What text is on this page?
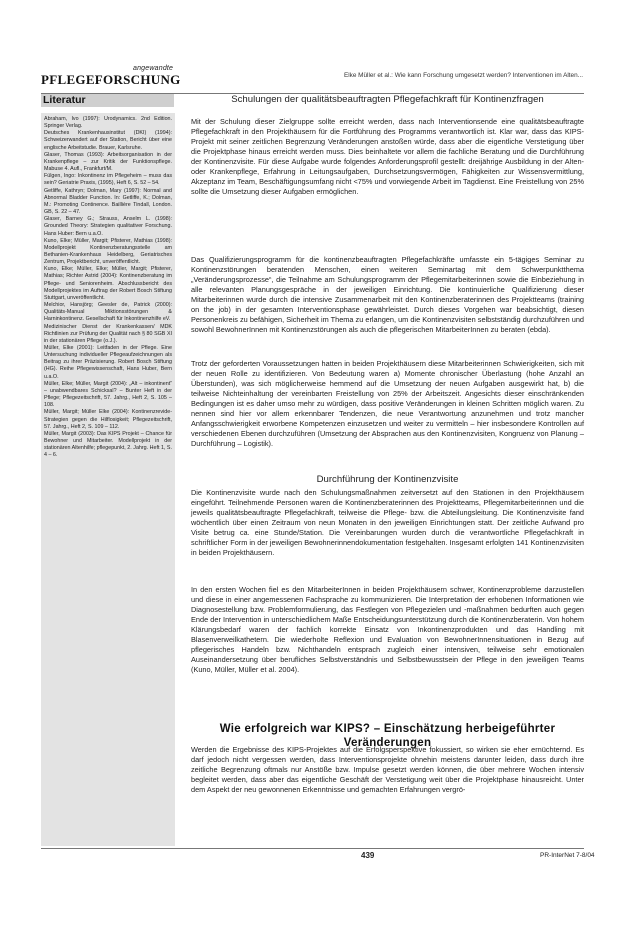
angewandte
PFLEGEFORSCHUNG	Elke Müller et al.: Wie kann Forschung umgesetzt werden? Interventionen im Alten...
Literatur

Abraham, Ivo (1997): Urodynamics. 2nd Edition. Springer Verlag.

Deutsches Krankenhausinstitut (DKI) (1994): Schweizerwandert auf der Station, Bericht über eine englische Arbeitstudie. Brauer, Karlsruhe.

Glaser, Thomas (1993): Arbeitsorganisation in der Krankenpflege – zur Kritik der Funktionspflege. Mabuse 4. Aufl., Frankfurt/M.

Fülgen, Ingo: Inkontinenz im Pflegeheim – muss das sein? Geriatrie Praxis, (1995), Heft 6, S. 52 – 54.

Getliffe, Kathryn; Dolman, Mary (1997): Normal and Abnormal Bladder Function. In: Getliffe, K.; Dolman, M.: Promoting Continence. Baillière Tindall, London. GB, S. 22 – 47.

Glaser, Barney G.; Strauss, Anselm L. (1998): Grounded Theory: Strategien qualitativer Forschung. Hans Huber: Bern u.a.O.

Kuno, Elke; Müller, Margit; Pfisterer, Mathias (1998): Modellprojekt Kontinenzberatungsstelle am Bethanien-Krankenhaus Heidelberg, Geriatrisches Zentrum, Projektbericht, unveröffentlicht.

Kuno, Elke; Müller, Elke; Müller, Margit; Pfisterer, Mathias; Richter Astrid (2004): Kontinenzberatung im Pflege- und Seniorenheim. Abschlussbericht des Modellprojektes im Auftrag der Robert Bosch Stiftung Stuttgart, unveröffentlicht.

Melchior, Hansjörg; Geesler de, Patrick (2000): Qualitäts-Manual Miktionsstörungen & Harninkontinenz. Gesellschaft für Inkontinenzhilfe eV.

Medizinischer Dienst der Krankenkassen/ MDK Richtlinien zur Prüfung der Qualität nach § 80 SGB XI in der stationären Pflege (o.J.).

Müller, Elke (2001): Leitfaden in der Pflege. Eine Untersuchung individueller Pflegeaufzeichnungen als Beitrag zu ihrer Präzisierung. Robert Bosch Stiftung (HG). Reihe Pflegewissenschaft, Hans Huber, Bern u.a.O.

Müller, Elke; Müller, Margit (2004): „Alt – inkontinent“ – unabwendbares Schicksal? – Bunter Heft in der Pflege; Pflegezeitschrift, 57. Jahrg., Heft 2, S. 105 – 108.

Müller, Margit; Müller Elke (2004): Kontinenzrevide-Strategien gegen die Hilflosigkeit; Pflegezeitschrift, 57. Jahrg., Heft 2, S. 109 – 112.

Müller, Margit (2003): Das KIPS Projekt – Chance für Bewohner und Mitarbeiter. Modellprojekt in der stationären Altenhilfe; pflegepunkt, 2. Jahrg. Heft 1, S. 4 – 6.

Schulungen der qualitätsbeauftragten Pflegefachkraft für Kontinenzfragen

Mit der Schulung dieser Zielgruppe sollte erreicht werden, dass nach Interventionsende eine qualitätsbeauftragte Pflegefachkraft in den Projekthäusern für die Fortführung des Programms verantwortlich ist. Klar war, dass das KIPS-Projekt mit seiner zeitlichen Begrenzung Veränderungen anstoßen würde, dass aber die eigentliche Verstetigung über die Projektphase hinaus erreicht werden muss. Dies beinhaltete vor allem die fachliche Beratung und die Durchführung der Kontinenzvisite. Für diese Aufgabe wurde folgendes Anforderungsprofil gestellt: dreijährige Ausbildung in der Alten- oder Krankenpflege, Erfahrung in Leitungsaufgaben, Durchsetzungsvermögen, Fähigkeiten zur Wissensvermittlung, Akzeptanz im Team, Beschäftigungsumfang nicht <75% und vorwiegende Arbeit im Tagdienst. Eine Freistellung von 25% sollte die Umsetzung dieser Aufgaben ermöglichen.

Das Qualifizierungsprogramm für die kontinenzbeauftragten Pflegefachkräfte umfasste ein 5-tägiges Seminar zu Kontinenzstörungen beratenden Menschen, einen weiteren Seminartag mit dem Schwerpunktthema „Veränderungsprozesse“, die Teilnahme am Schulungsprogramm der Pflegemitarbeiterinnen sowie die Einbeziehung in alle relevanten Planungsgespräche in der jeweiligen Einrichtung. Die kontinuierliche Qualifizierung dieser Mitarbeiterinnen wurde durch die intensive Zusammenarbeit mit den Kontinenzberaterinnen des Projektteams (training on the job) in der gesamten Interventionsphase gewährleistet. Durch dieses Vorgehen war beabsichtigt, diesen Personenkreis zu befähigen, Sicherheit im Thema zu erlangen, um die Kontinenzvisiten selbstständig durchzuführen und sowohl BewohnerInnen mit Kontinenzstörungen als auch die pflegerischen MitarbeiterInnen zu beraten (ebda).

Trotz der geforderten Voraussetzungen hatten in beiden Projekthäusern diese Mitarbeiterinnen Schwierigkeiten, sich mit der neuen Rolle zu identifizieren. Von Bedeutung waren a) Momente chronischer Überlastung (hohe Anzahl an Überstunden), was sich möglicherweise hemmend auf die Umsetzung der neuen Aufgaben ausgewirkt hat, b) die teilweise Nichteinhaltung der vereinbarten Freistellung von 25% der Arbeitszeit. Angesichts dieser einschränkenden Bedingungen ist es daher umso mehr zu würdigen, dass positive Veränderungen in kleinen Schritten möglich waren. Zu nennen sind hier vor allem erkennbarer Tendenzen, die neue Verantwortung anzunehmen und trotz mancher Anfangsschwierigkeit erworbene Kompetenzen einzusetzen und weiter zu vermitteln – hier insbesondere Kontrollen auf verschiedenen Ebenen durchzuführen (Umsetzung der Absprachen aus den Kontinenzvisiten, Kongruenz von Planung – Durchführung – Logistik).

Durchführung der Kontinenzvisite

Die Kontinenzvisite wurde nach den Schulungsmaßnahmen zeitversetzt auf den Stationen in den Projekthäusern eingeführt. Teilnehmende Personen waren die Kontinenzberaterinnen des Projektteams, Pflegemitarbeiterinnen und die jeweils qualitätsbeauftragte Pflegefachkraft, teilweise die Pflege- bzw. die Abteilungsleitung. Die Kontinenzvisite fand wöchentlich über einen Zeitraum von neun Monaten in den jeweiligen Einrichtungen statt. Der zeitliche Aufwand pro Visite betrug ca. eine Stunde/Station. Die Vereinbarungen wurden durch die verantwortliche Pflegefachkraft in schriftlicher Form in der jeweiligen Bewohnerinnendokumentation festgehalten. Insgesamt erfolgten 141 Kontinenzvisiten in beiden Projekthäusern.

In den ersten Wochen fiel es den MitarbeiterInnen in beiden Projekthäusern schwer, Kontinenzprobleme darzustellen und diese in einer angemessenen Fachsprache zu kommunizieren. Die Interpretation der erhobenen Informationen wie Diagnosestellung bzw. Problemformulierung, das Festlegen von Pflegezielen und -maßnahmen bedurften auch gegen Ende der Intervention in unterschiedlichem Maße Entscheidungsunterstützung durch die Kontinenzberaterin. Von hohem Klärungsbedarf waren der fachlich korrekte Einsatz von Inkontinenzprodukten und das Handling mit Blasenverweilkathetern. Die wiederholte Reflexion und Evaluation von BewohnerInnensituationen in Bezug auf pflegerisches Handeln bzw. Nichthandeln entsprach zugleich einer intensiven, teilweise sehr emotionalen Auseinandersetzung über berufliches Selbstverständnis und Selbstbewusstsein der Pflege in den jeweiligen Teams (Kuno, Müller, Müller et al. 2004).

Wie erfolgreich war KIPS? – Einschätzung herbeigeführter Veränderungen

Werden die Ergebnisse des KIPS-Projektes auf die Erfolgsperspektive fokussiert, so wirken sie eher ernüchternd. Es darf jedoch nicht vergessen werden, dass Interventionsprojekte ohnehin meistens darunter leiden, dass durch ihre zeitliche Begrenzung oftmals nur Anstöße bzw. Impulse gesetzt werden können, die über mehrere Wochen intensiv begleitet werden, dass aber das eigentliche Geschäft der Verstetigung weit über die Projektphase hinausreicht. Unter dem Aspekt der neu gewonnenen Erkenntnisse und gemachten Erfahrungen vergrö-

439	PR-InterNet 7-8/04
